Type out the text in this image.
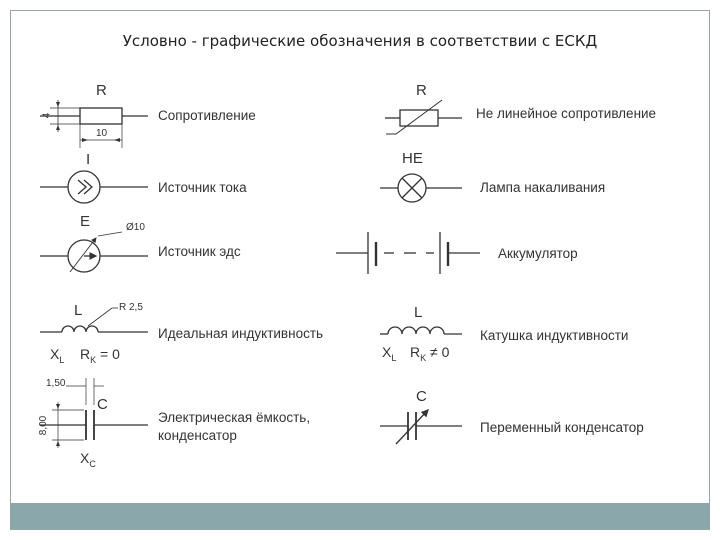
Условно - графические обозначения в соответствии с ЕСКД
R
4
10
Сопротивление
I
Источник тока
E	Ø10
Источник эдс
L	R 2,5
Идеальная индуктивность
$X_L$ $R_K = 0$
1,50
C
8,00	Электрическая ёмкость,
конденсатор
$X_C$
R
Не линейное сопротивление
HE
Лампа накаливания
Аккумулятор
L
Катушка индуктивности
$X_L$ $R_K \ne 0$
C
Переменный конденсатор
